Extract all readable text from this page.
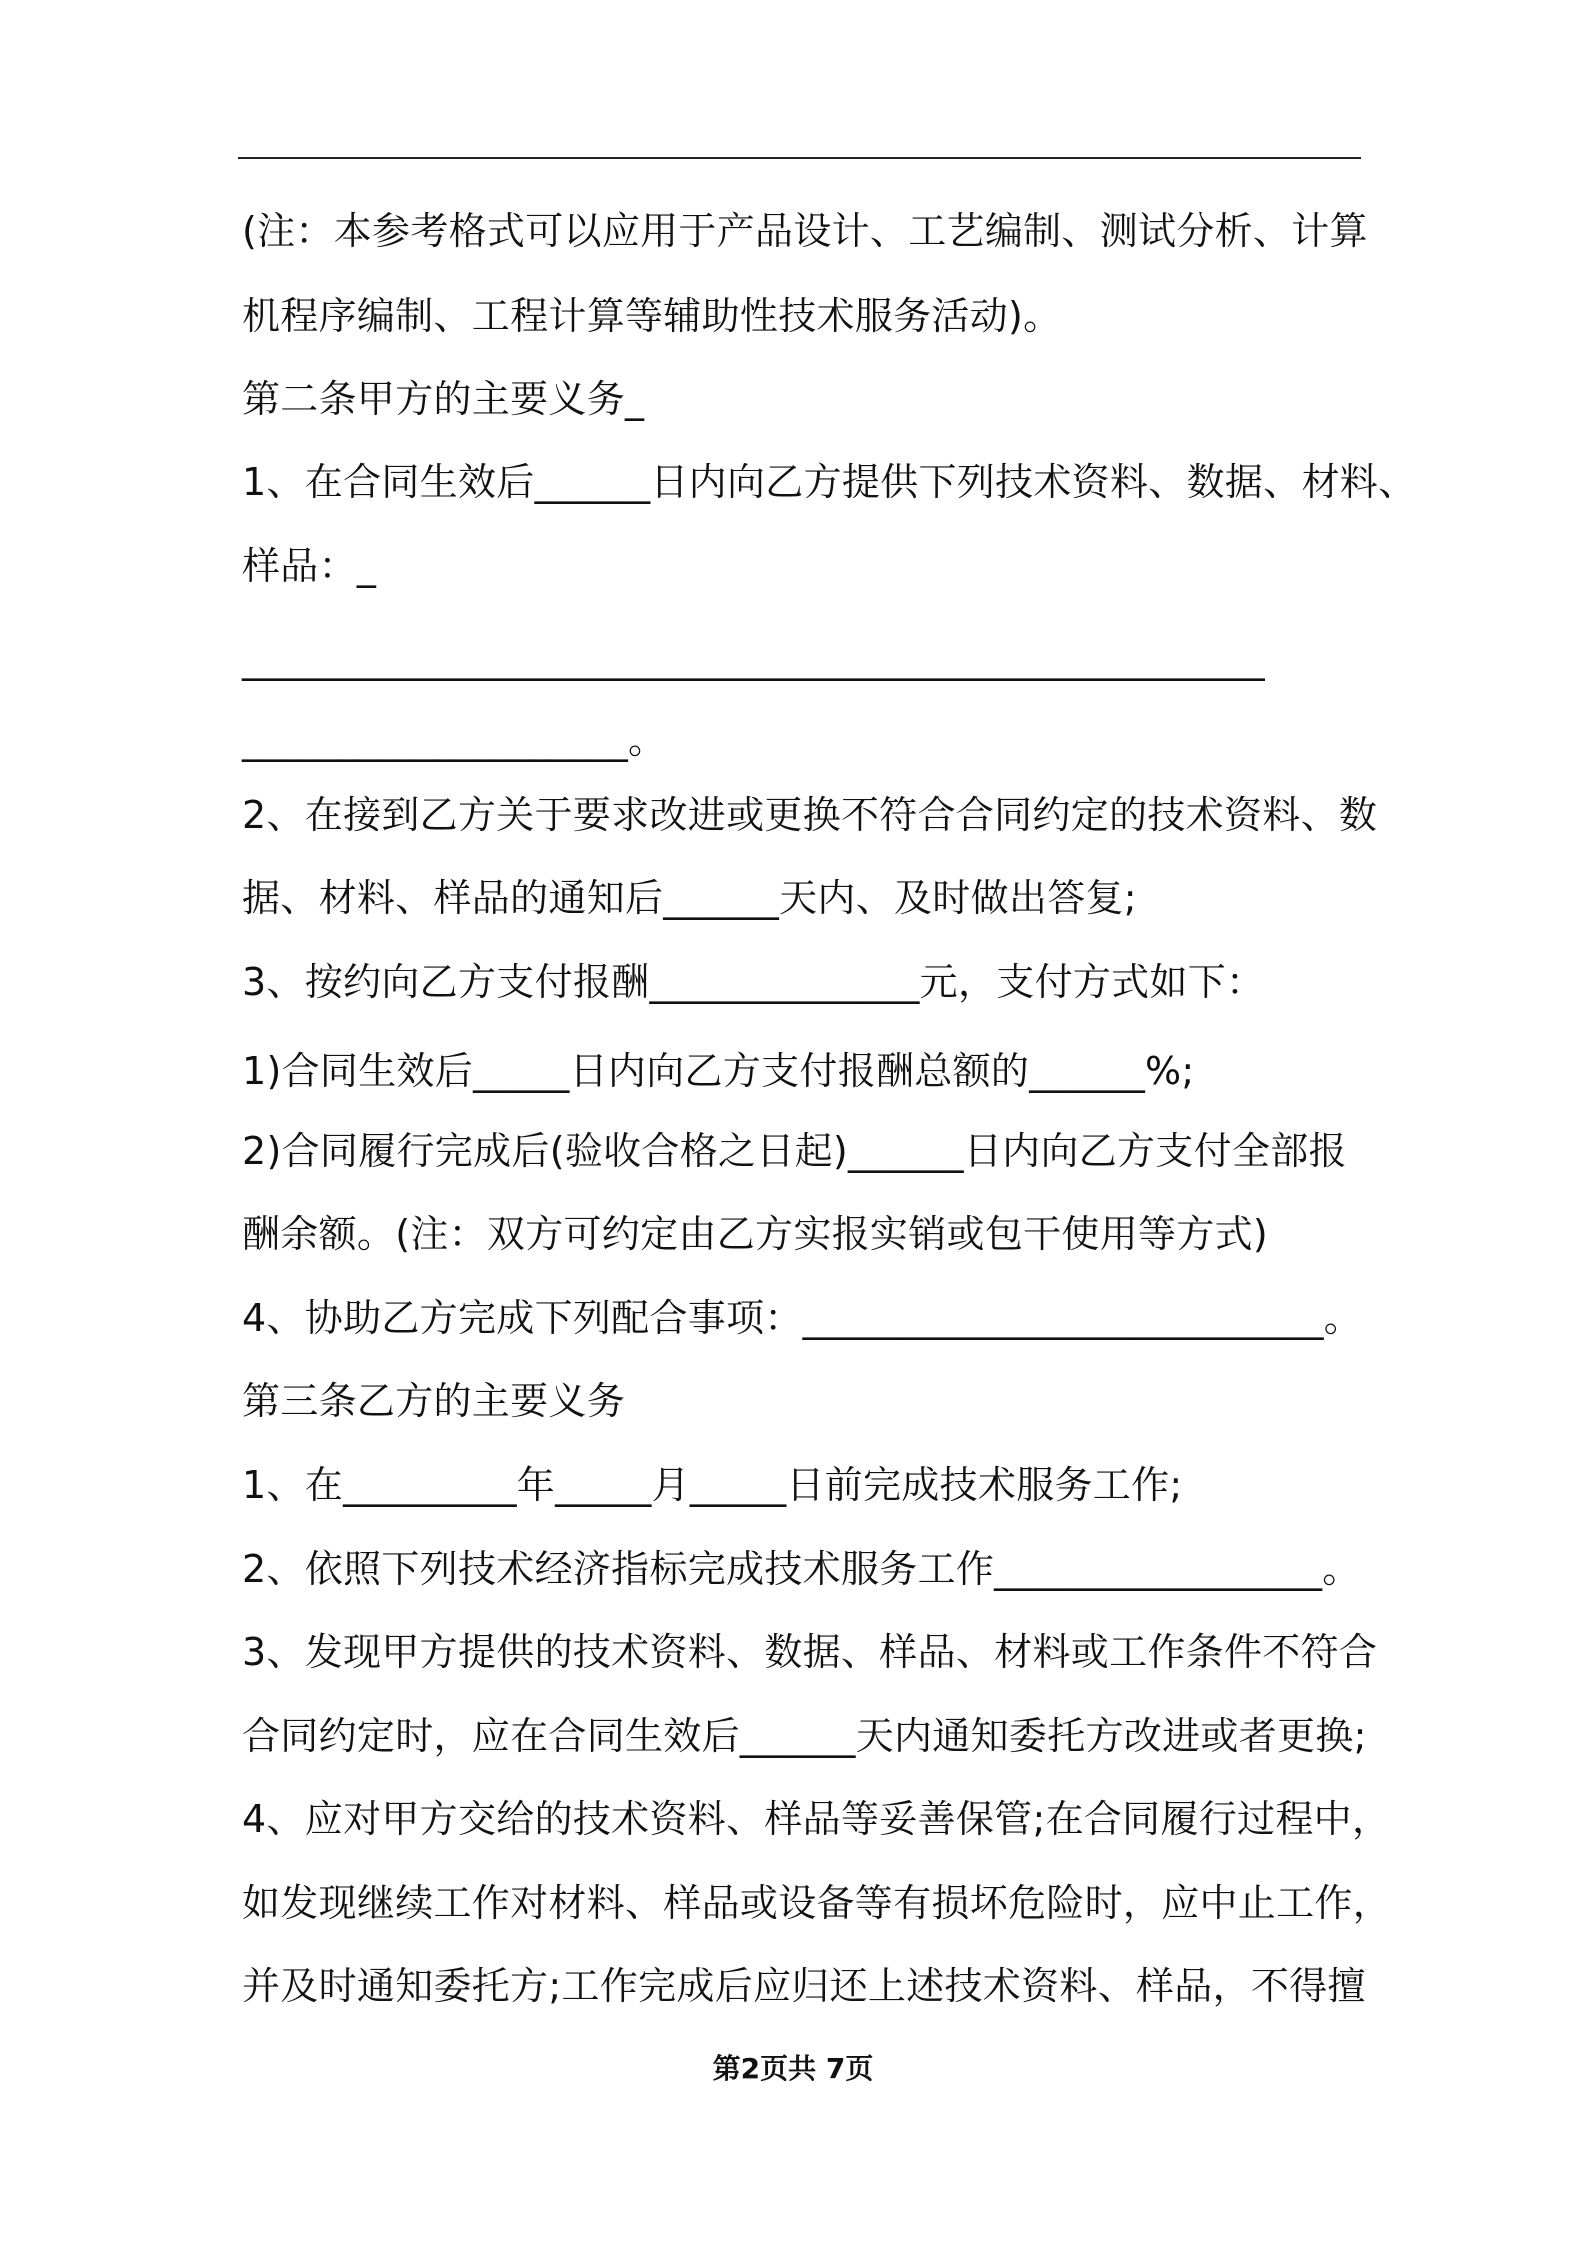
(注：本参考格式可以应用于产品设计、工艺编制、测试分析、计算
机程序编制、工程计算等辅助性技术服务活动)。
第二条甲方的主要义务_
1、在合同生效后______日内向乙方提供下列技术资料、数据、材料、
样品：_
_____________________________________________________
____________________。
2、在接到乙方关于要求改进或更换不符合合同约定的技术资料、数
据、材料、样品的通知后______天内、及时做出答复;
3、按约向乙方支付报酬______________元，支付方式如下：
1)合同生效后_____日内向乙方支付报酬总额的______%;
2)合同履行完成后(验收合格之日起)______日内向乙方支付全部报
酬余额。(注：双方可约定由乙方实报实销或包干使用等方式)
4、协助乙方完成下列配合事项：___________________________。
第三条乙方的主要义务
1、在_________年_____月_____日前完成技术服务工作;
2、依照下列技术经济指标完成技术服务工作_________________。
3、发现甲方提供的技术资料、数据、样品、材料或工作条件不符合
合同约定时，应在合同生效后______天内通知委托方改进或者更换;
4、应对甲方交给的技术资料、样品等妥善保管;在合同履行过程中，
如发现继续工作对材料、样品或设备等有损坏危险时，应中止工作，
并及时通知委托方;工作完成后应归还上述技术资料、样品，不得擅
第2页共 7页
